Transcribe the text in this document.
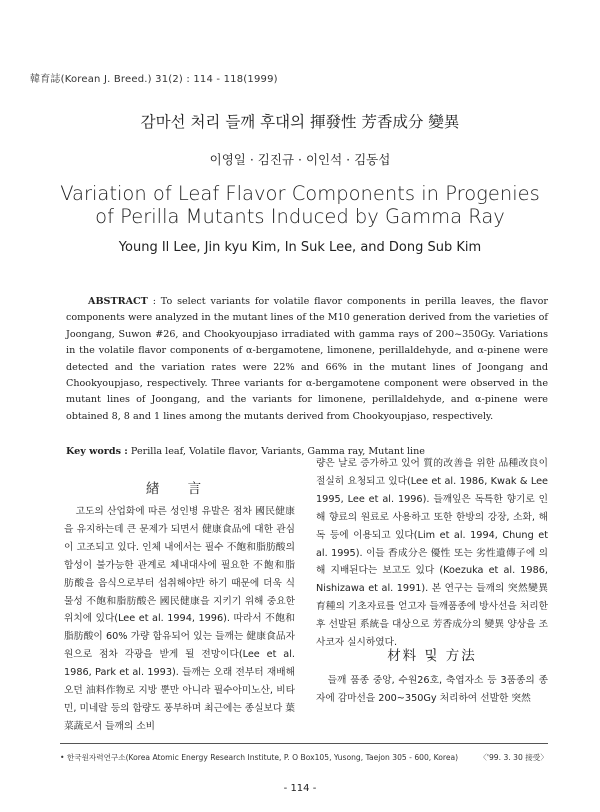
韓育誌(Korean J. Breed.) 31(2) : 114 - 118(1999)
감마선 처리 들깨 후대의 揮發性 芳香成分 變異
이영일 · 김진규 · 이인석 · 김동섭
Variation of Leaf Flavor Components in Progenies
of Perilla Mutants Induced by Gamma Ray
Young Il Lee, Jin kyu Kim, In Suk Lee, and Dong Sub Kim
ABSTRACT : To select variants for volatile flavor components in perilla leaves, the flavor components were analyzed in the mutant lines of the M10 generation derived from the varieties of Joongang, Suwon #26, and Chookyoupjaso irradiated with gamma rays of 200~350Gy. Variations in the volatile flavor components of α-bergamotene, limonene, perillaldehyde, and α-pinene were detected and the variation rates were 22% and 66% in the mutant lines of Joongang and Chookyoupjaso, respectively. Three variants for α-bergamotene component were observed in the mutant lines of Joongang, and the variants for limonene, perillaldehyde, and α-pinene were obtained 8, 8 and 1 lines among the mutants derived from Chookyoupjaso, respectively.
Key words : Perilla leaf, Volatile flavor, Variants, Gamma ray, Mutant line
緖 言

고도의 산업화에 따른 성인병 유발은 점차 國民健康을 유지하는데 큰 문제가 되면서 健康食品에 대한 관심이 고조되고 있다. 인체 내에서는 필수 不飽和脂肪酸의 합성이 불가능한 관계로 체내대사에 필요한 不飽和脂肪酸을 음식으로부터 섭취해야만 하기 때문에 더욱 식물성 不飽和脂肪酸은 國民健康을 지키기 위해 중요한 위치에 있다(Lee et al. 1994, 1996). 따라서 不飽和脂肪酸이 60% 가량 함유되어 있는 들깨는 健康食品자원으로 점차 각광을 받게 될 전망이다(Lee et al. 1986, Park et al. 1993). 들깨는 오래 전부터 재배해 오던 油料作物로 지방 뿐만 아니라 필수아미노산, 비타민, 미네랄 등의 함량도 풍부하며 최근에는 종실보다 葉菜蔬로서 들깨의 소비

량은 날로 증가하고 있어 質的改善을 위한 品種改良이 절실히 요청되고 있다(Lee et al. 1986, Kwak & Lee 1995, Lee et al. 1996). 들깨잎은 독특한 향기로 인해 향료의 원료로 사용하고 또한 한방의 강장, 소화, 해독 등에 이용되고 있다(Lim et al. 1994, Chung et al. 1995). 이들 香成分은 優性 또는 劣性遺傳子에 의해 지배된다는 보고도 있다 (Koezuka et al. 1986, Nishizawa et al. 1991). 본 연구는 들깨의 突然變異 育種의 기초자료를 얻고자 들깨품종에 방사선을 처리한 후 선발된 系統을 대상으로 芳香成分의 變異 양상을 조사코자 실시하였다.

材料 및 方法

들깨 품종 중앙, 수원26호, 축엽자소 등 3품종의 종자에 감마선을 200~350Gy 처리하여 선발한 突然

• 한국원자력연구소(Korea Atomic Energy Research Institute, P. O Box105, Yusong, Taejon 305 - 600, Korea)	〈'99. 3. 30 接受〉
- 114 -
